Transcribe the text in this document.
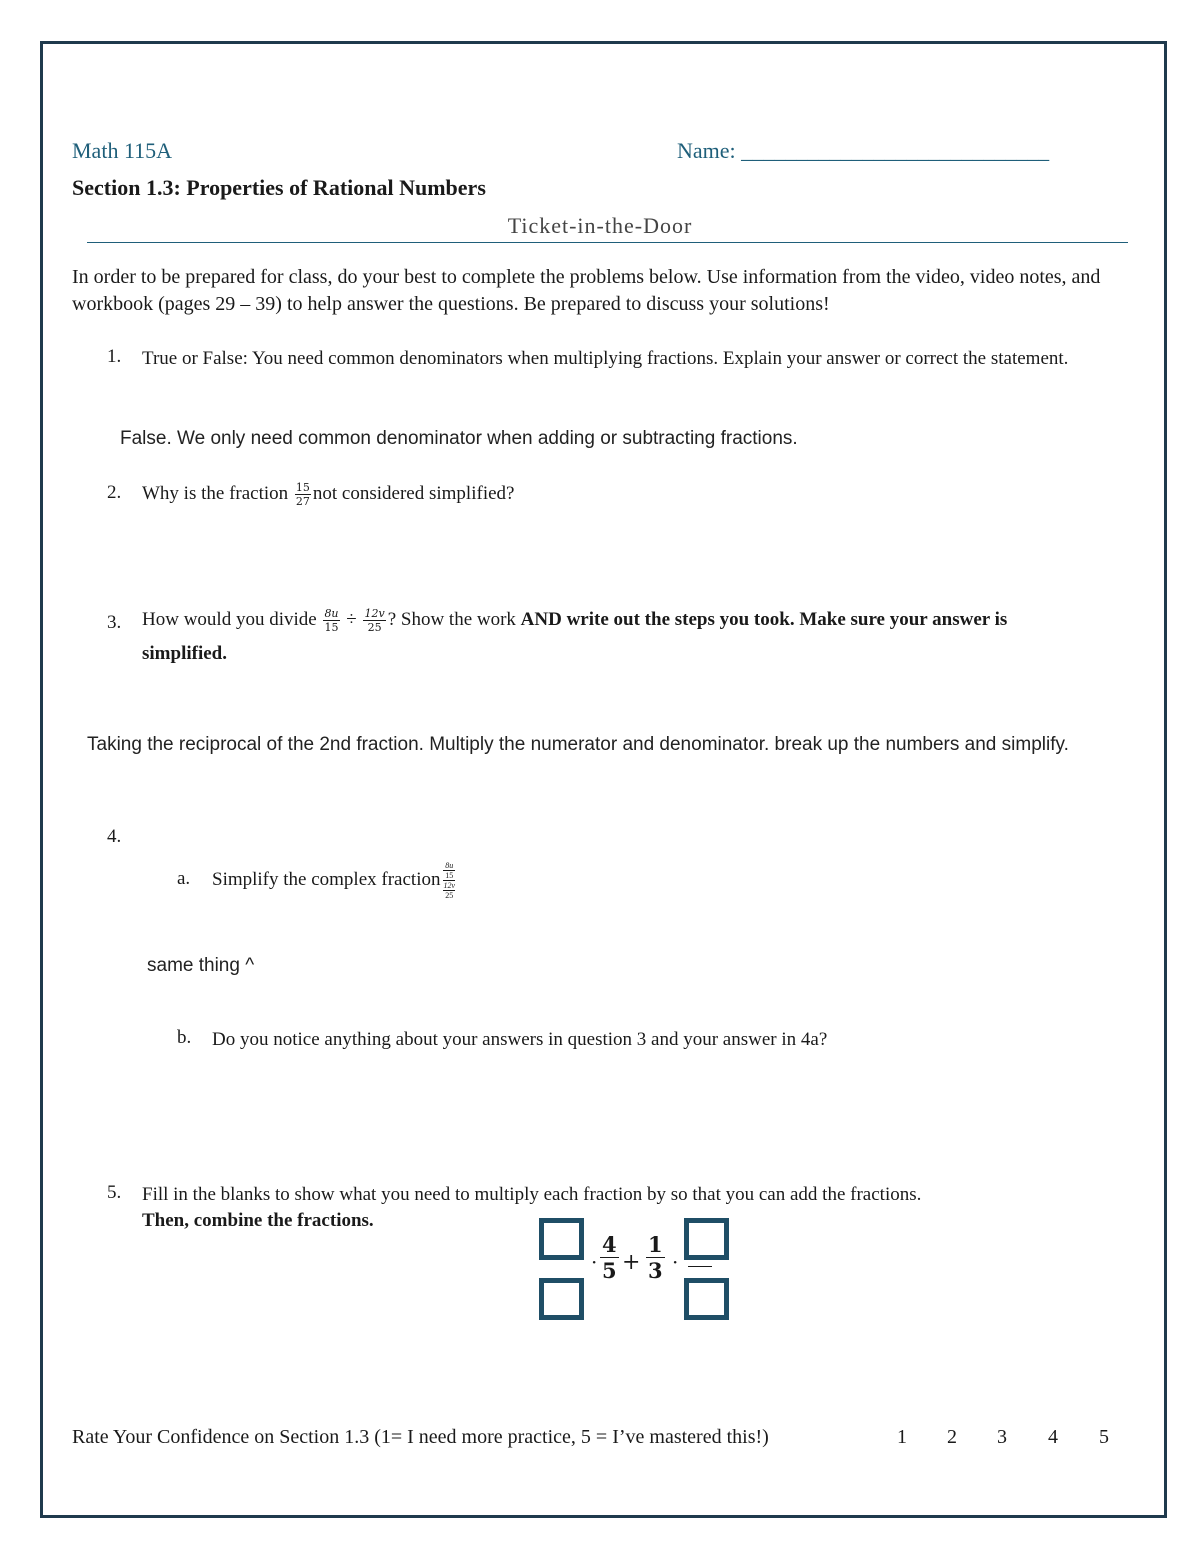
Math 115A	Name: ____________________________
Section 1.3: Properties of Rational Numbers
Ticket-in-the-Door
In order to be prepared for class, do your best to complete the problems below. Use information from the video, video notes, and workbook (pages 29 – 39) to help answer the questions. Be prepared to discuss your solutions!
1. True or False: You need common denominators when multiplying fractions. Explain your answer or correct the statement.
False. We only need common denominator when adding or subtracting fractions.
2. Why is the fraction $\frac{15}{27}$ not considered simplified?
3. How would you divide $\frac{8u}{15} \div \frac{12v}{25}$ ? Show the work AND write out the steps you took. Make sure your answer is simplified.
Taking the reciprocal of the 2nd fraction. Multiply the numerator and denominator. break up the numbers and simplify.
4.
a. Simplify the complex fraction
8u
15
12v
25
same thing ^
b. Do you notice anything about your answers in question 3 and your answer in 4a?
5. Fill in the blanks to show what you need to multiply each fraction by so that you can add the fractions.
Then, combine the fractions.
· $\frac{4}{5} + \frac{1}{3}$ ·
Rate Your Confidence on Section 1.3 (1= I need more practice, 5 = I’ve mastered this!)	1 2 3 4 5
